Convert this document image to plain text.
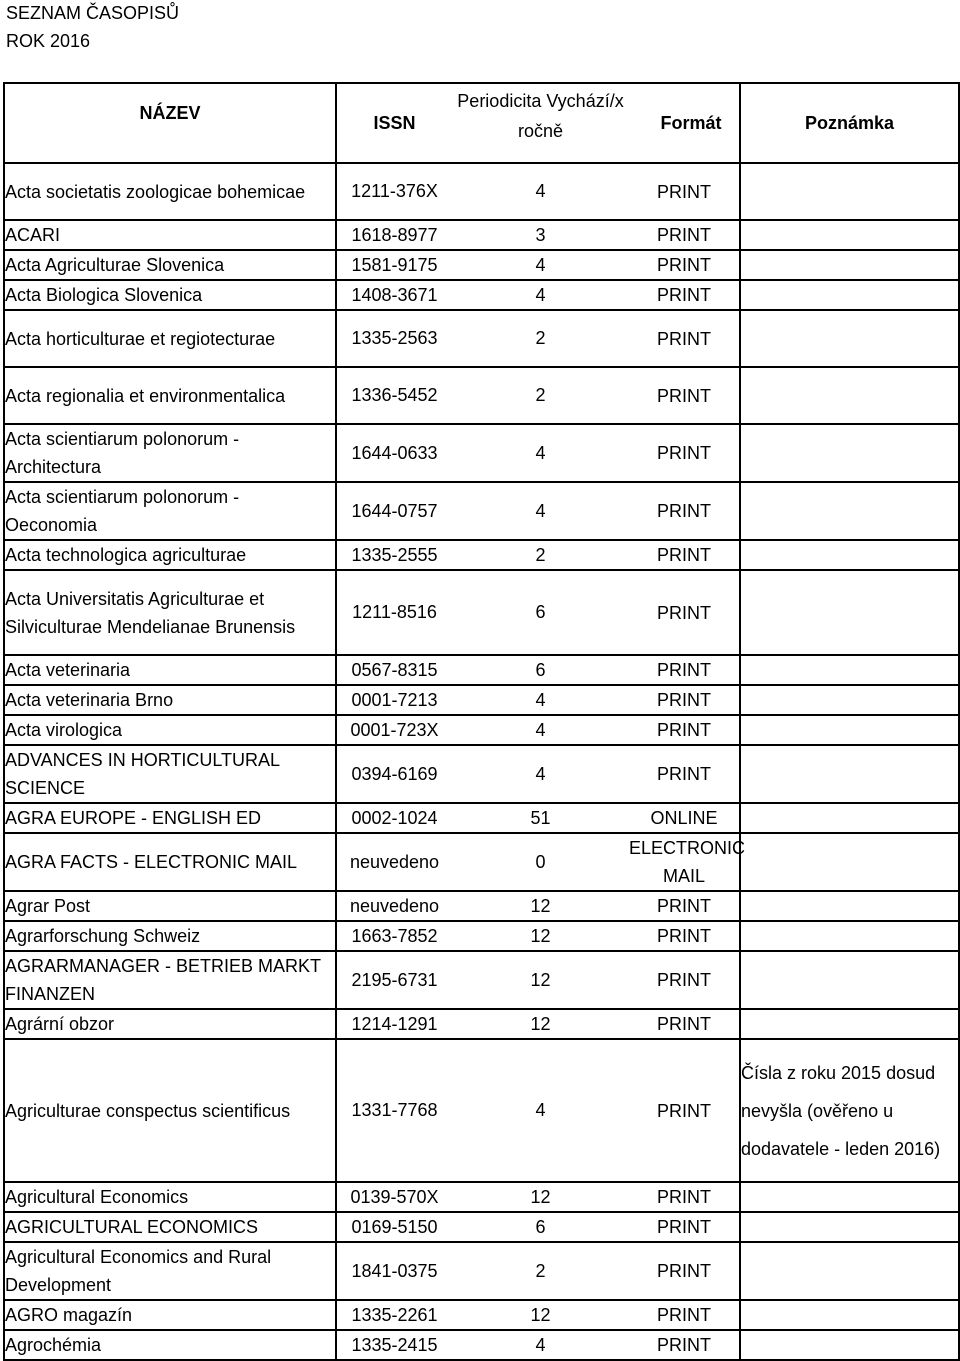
SEZNAM ČASOPISŮ
ROK 2016
NÁZEV	ISSN	Periodicita Vychází/x ročně	Formát	Poznámka
Acta societatis zoologicae bohemicae	1211-376X	4	PRINT	
ACARI	1618-8977	3	PRINT	
Acta Agriculturae Slovenica	1581-9175	4	PRINT	
Acta Biologica Slovenica	1408-3671	4	PRINT	
Acta horticulturae et regiotecturae	1335-2563	2	PRINT	
Acta regionalia et environmentalica	1336-5452	2	PRINT	
Acta scientiarum polonorum - Architectura	1644-0633	4	PRINT	
Acta scientiarum polonorum - Oeconomia	1644-0757	4	PRINT	
Acta technologica agriculturae	1335-2555	2	PRINT	
Acta Universitatis Agriculturae et Silviculturae Mendelianae Brunensis	1211-8516	6	PRINT	
Acta veterinaria	0567-8315	6	PRINT	
Acta veterinaria Brno	0001-7213	4	PRINT	
Acta virologica	0001-723X	4	PRINT	
ADVANCES IN HORTICULTURAL SCIENCE	0394-6169	4	PRINT	
AGRA EUROPE - ENGLISH ED	0002-1024	51	ONLINE	
AGRA FACTS - ELECTRONIC MAIL	neuvedeno	0	ELECTRONIC MAIL	
Agrar Post	neuvedeno	12	PRINT	
Agrarforschung Schweiz	1663-7852	12	PRINT	
AGRARMANAGER - BETRIEB MARKT FINANZEN	2195-6731	12	PRINT	
Agrární obzor	1214-1291	12	PRINT	
Agriculturae conspectus scientificus	1331-7768	4	PRINT	Čísla z roku 2015 dosud nevyšla (ověřeno u dodavatele - leden 2016)
Agricultural Economics	0139-570X	12	PRINT	
AGRICULTURAL ECONOMICS	0169-5150	6	PRINT	
Agricultural Economics and Rural Development	1841-0375	2	PRINT	
AGRO magazín	1335-2261	12	PRINT	
Agrochémia	1335-2415	4	PRINT	
